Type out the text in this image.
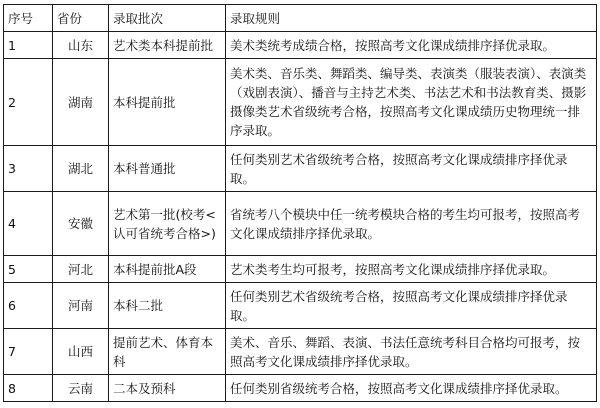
序号	省份	录取批次	录取规则
1	山东	艺术类本科提前批	美术类统考成绩合格，按照高考文化课成绩排序择优录取。
2	湖南	本科提前批	美术类、音乐类、舞蹈类、编导类、表演类（服装表演）、表演类（戏剧表演）、播音与主持艺术类、书法艺术和书法教育类、摄影摄像类艺术省级统考合格，按照高考文化课成绩历史物理统一排序录取。
3	湖北	本科普通批	任何类别艺术省级统考合格，按照高考文化课成绩排序择优录取。
4	安徽	艺术第一批(校考<认可省统考合格>)	省统考八个模块中任一统考模块合格的考生均可报考，按照高考文化课成绩排序择优录取。
5	河北	本科提前批A段	艺术类考生均可报考，按照高考文化课成绩排序择优录取。
6	河南	本科二批	任何类别艺术省级统考合格，按照高考文化课成绩排序择优录取。
7	山西	提前艺术、体育本科	美术、音乐、舞蹈、表演、书法任意统考科目合格均可报考，按照高考文化课成绩排序择优录取。
8	云南	二本及预科	任何类别省级统考合格，按照高考文化课成绩排序择优录取。
